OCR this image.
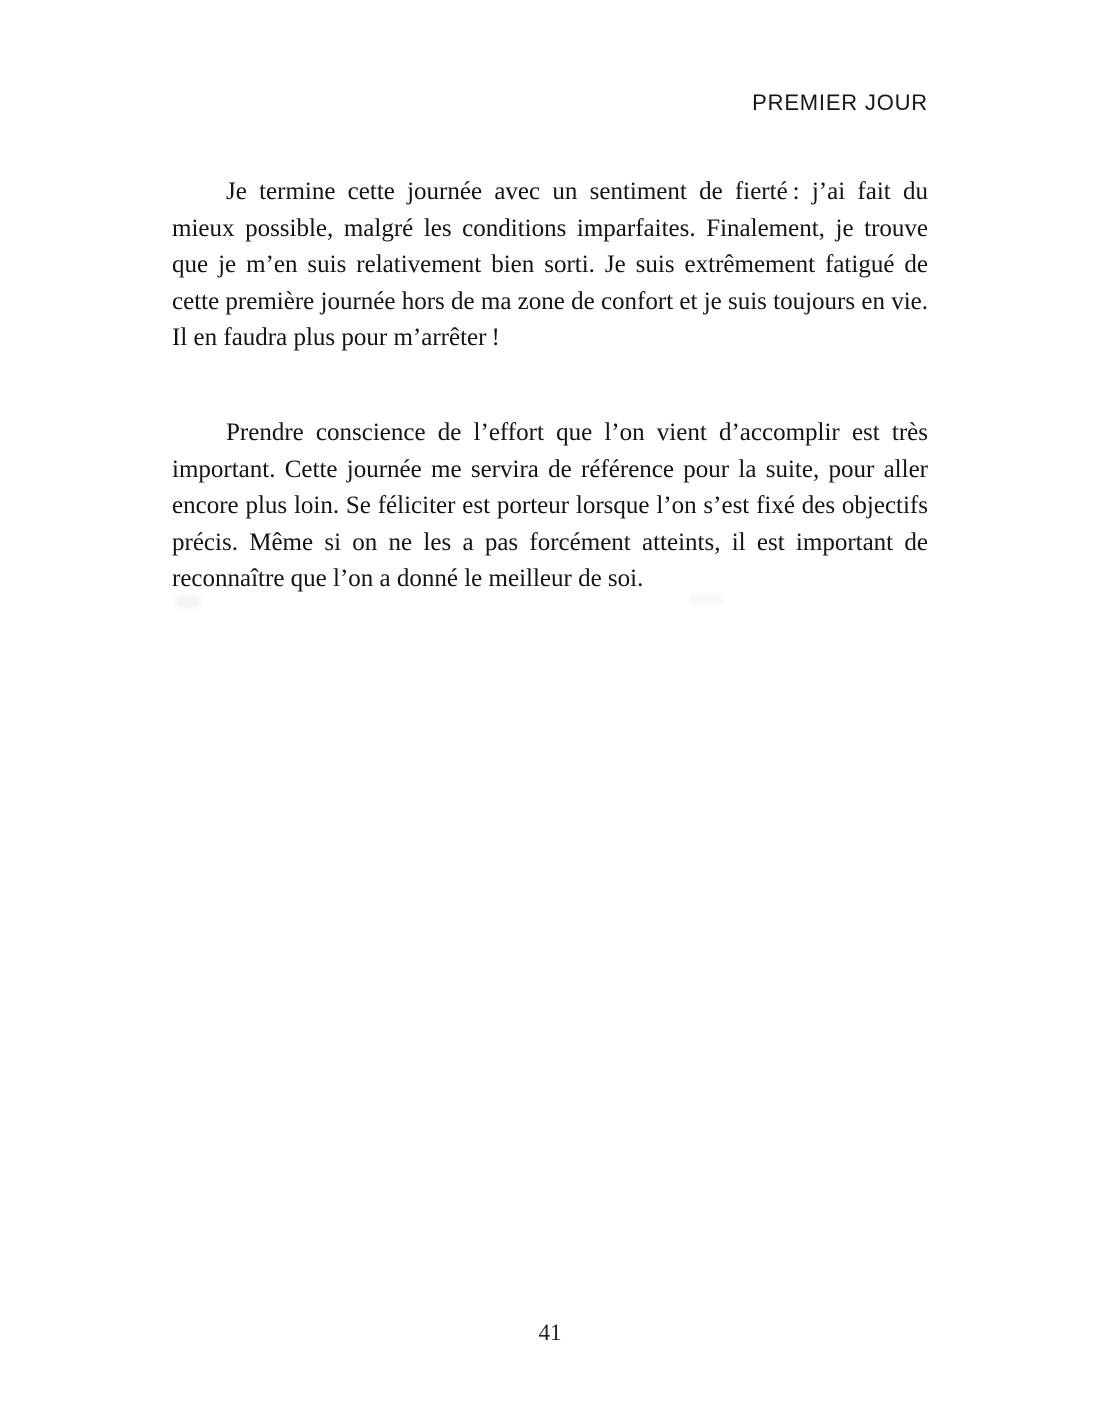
PREMIER JOUR

Je termine cette journée avec un sentiment de fierté : j’ai fait du mieux possible, malgré les conditions imparfaites. Finalement, je trouve que je m’en suis relativement bien sorti. Je suis extrêmement fatigué de cette première journée hors de ma zone de confort et je suis toujours en vie. Il en faudra plus pour m’arrêter !

Prendre conscience de l’effort que l’on vient d’accomplir est très important. Cette journée me servira de référence pour la suite, pour aller encore plus loin. Se féliciter est porteur lorsque l’on s’est fixé des objectifs précis. Même si on ne les a pas forcément atteints, il est important de reconnaître que l’on a donné le meilleur de soi.

41
